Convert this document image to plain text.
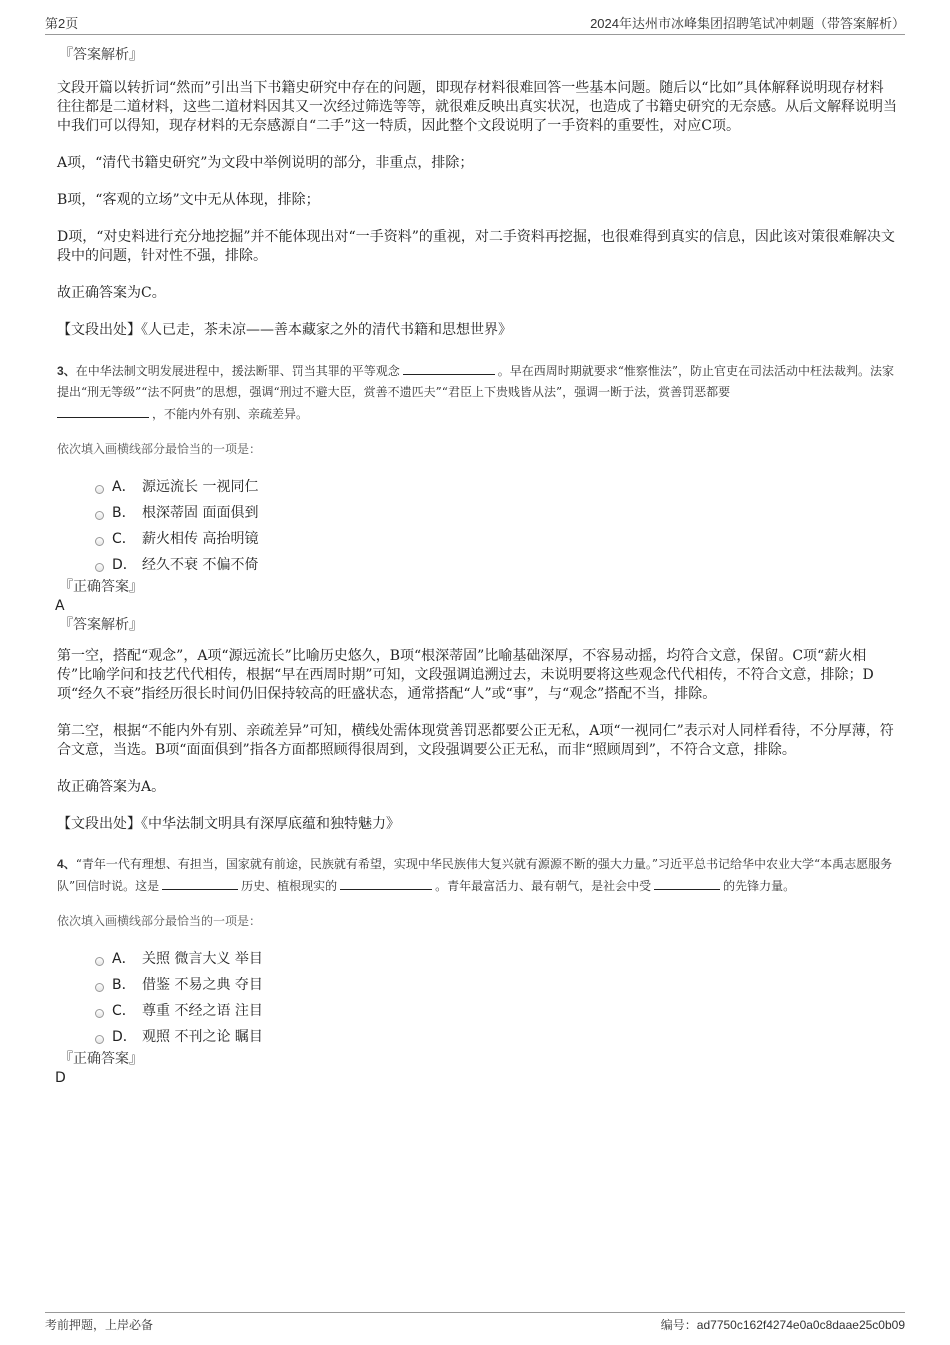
第2页	2024年达州市冰峰集团招聘笔试冲刺题（带答案解析）
『答案解析』

文段开篇以转折词“然而”引出当下书籍史研究中存在的问题，即现存材料很难回答一些基本问题。随后以“比如”具体解释说明现存材料往往都是二道材料，这些二道材料因其又一次经过筛选等等，就很难反映出真实状况，也造成了书籍史研究的无奈感。从后文解释说明当中我们可以得知，现存材料的无奈感源自“二手”这一特质，因此整个文段说明了一手资料的重要性，对应C项。

A项，“清代书籍史研究”为文段中举例说明的部分，非重点，排除；

B项，“客观的立场”文中无从体现，排除；

D项，“对史料进行充分地挖掘”并不能体现出对“一手资料”的重视，对二手资料再挖掘，也很难得到真实的信息，因此该对策很难解决文段中的问题，针对性不强，排除。

故正确答案为C。

【文段出处】《人已走，茶未凉——善本藏家之外的清代书籍和思想世界》

3、在中华法制文明发展进程中，援法断罪、罚当其罪的平等观念	。早在西周时期就要求“惟察惟法”，防止官吏在司法活动中枉法裁判。法家提出“刑无等级”“法不阿贵”的思想，强调“刑过不避大臣，赏善不遗匹夫”“君臣上下贵贱皆从法”，强调一断于法，赏善罚恶都要
，不能内外有别、亲疏差异。

依次填入画横线部分最恰当的一项是：

A． 源远流长 一视同仁
B． 根深蒂固 面面俱到
C． 薪火相传 高抬明镜
D． 经久不衰 不偏不倚
『正确答案』
A
『答案解析』

第一空，搭配“观念”，A项“源远流长”比喻历史悠久，B项“根深蒂固”比喻基础深厚，不容易动摇，均符合文意，保留。C项“薪火相传”比喻学问和技艺代代相传，根据“早在西周时期”可知，文段强调追溯过去，未说明要将这些观念代代相传，不符合文意，排除；D项“经久不衰”指经历很长时间仍旧保持较高的旺盛状态，通常搭配“人”或“事”，与“观念”搭配不当，排除。

第二空，根据“不能内外有别、亲疏差异”可知，横线处需体现赏善罚恶都要公正无私，A项“一视同仁”表示对人同样看待，不分厚薄，符合文意，当选。B项“面面俱到”指各方面都照顾得很周到，文段强调要公正无私，而非“照顾周到”，不符合文意，排除。

故正确答案为A。

【文段出处】《中华法制文明具有深厚底蕴和独特魅力》

4、“青年一代有理想、有担当，国家就有前途，民族就有希望，实现中华民族伟大复兴就有源源不断的强大力量。”习近平总书记给华中农业大学“本禹志愿服务队”回信时说。这是	历史、植根现实的	。青年最富活力、最有朝气，是社会中受	的先锋力量。

依次填入画横线部分最恰当的一项是：

A． 关照 微言大义 举目
B． 借鉴 不易之典 夺目
C． 尊重 不经之语 注目
D． 观照 不刊之论 瞩目
『正确答案』
D
考前押题，上岸必备	编号：ad7750c162f4274e0a0c8daae25c0b09
